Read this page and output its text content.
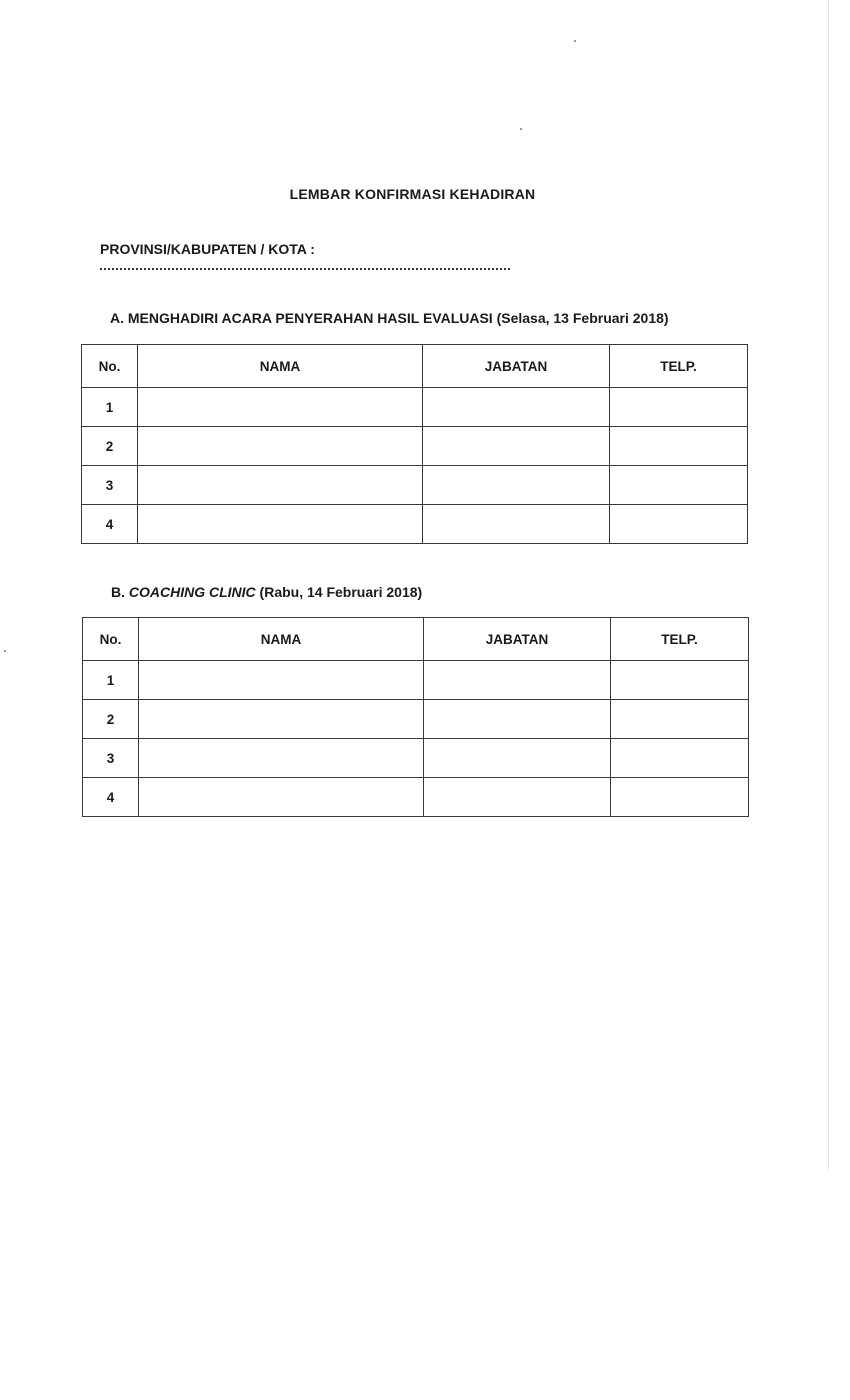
LEMBAR KONFIRMASI KEHADIRAN
PROVINSI/KABUPATEN / KOTA :
A. MENGHADIRI ACARA PENYERAHAN HASIL EVALUASI (Selasa, 13 Februari 2018)
No.	NAMA	JABATAN	TELP.
1			
2			
3			
4			
B. COACHING CLINIC (Rabu, 14 Februari 2018)
No.	NAMA	JABATAN	TELP.
1			
2			
3			
4			
